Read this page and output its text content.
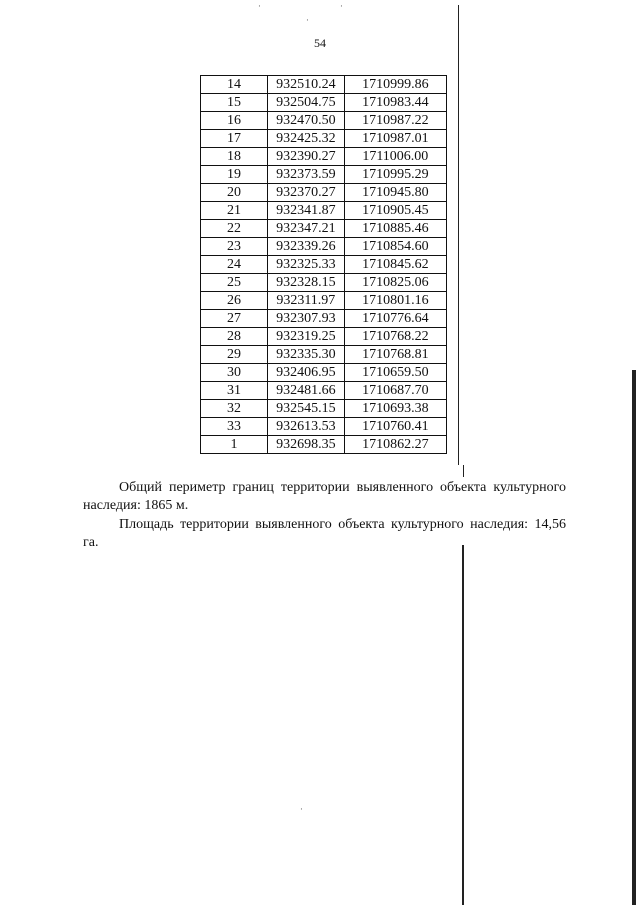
54
14	932510.24	1710999.86
15	932504.75	1710983.44
16	932470.50	1710987.22
17	932425.32	1710987.01
18	932390.27	1711006.00
19	932373.59	1710995.29
20	932370.27	1710945.80
21	932341.87	1710905.45
22	932347.21	1710885.46
23	932339.26	1710854.60
24	932325.33	1710845.62
25	932328.15	1710825.06
26	932311.97	1710801.16
27	932307.93	1710776.64
28	932319.25	1710768.22
29	932335.30	1710768.81
30	932406.95	1710659.50
31	932481.66	1710687.70
32	932545.15	1710693.38
33	932613.53	1710760.41
1	932698.35	1710862.27
Общий периметр границ территории выявленного объекта культурного наследия: 1865 м.
Площадь территории выявленного объекта культурного наследия: 14,56 га.
·	·
·
·
